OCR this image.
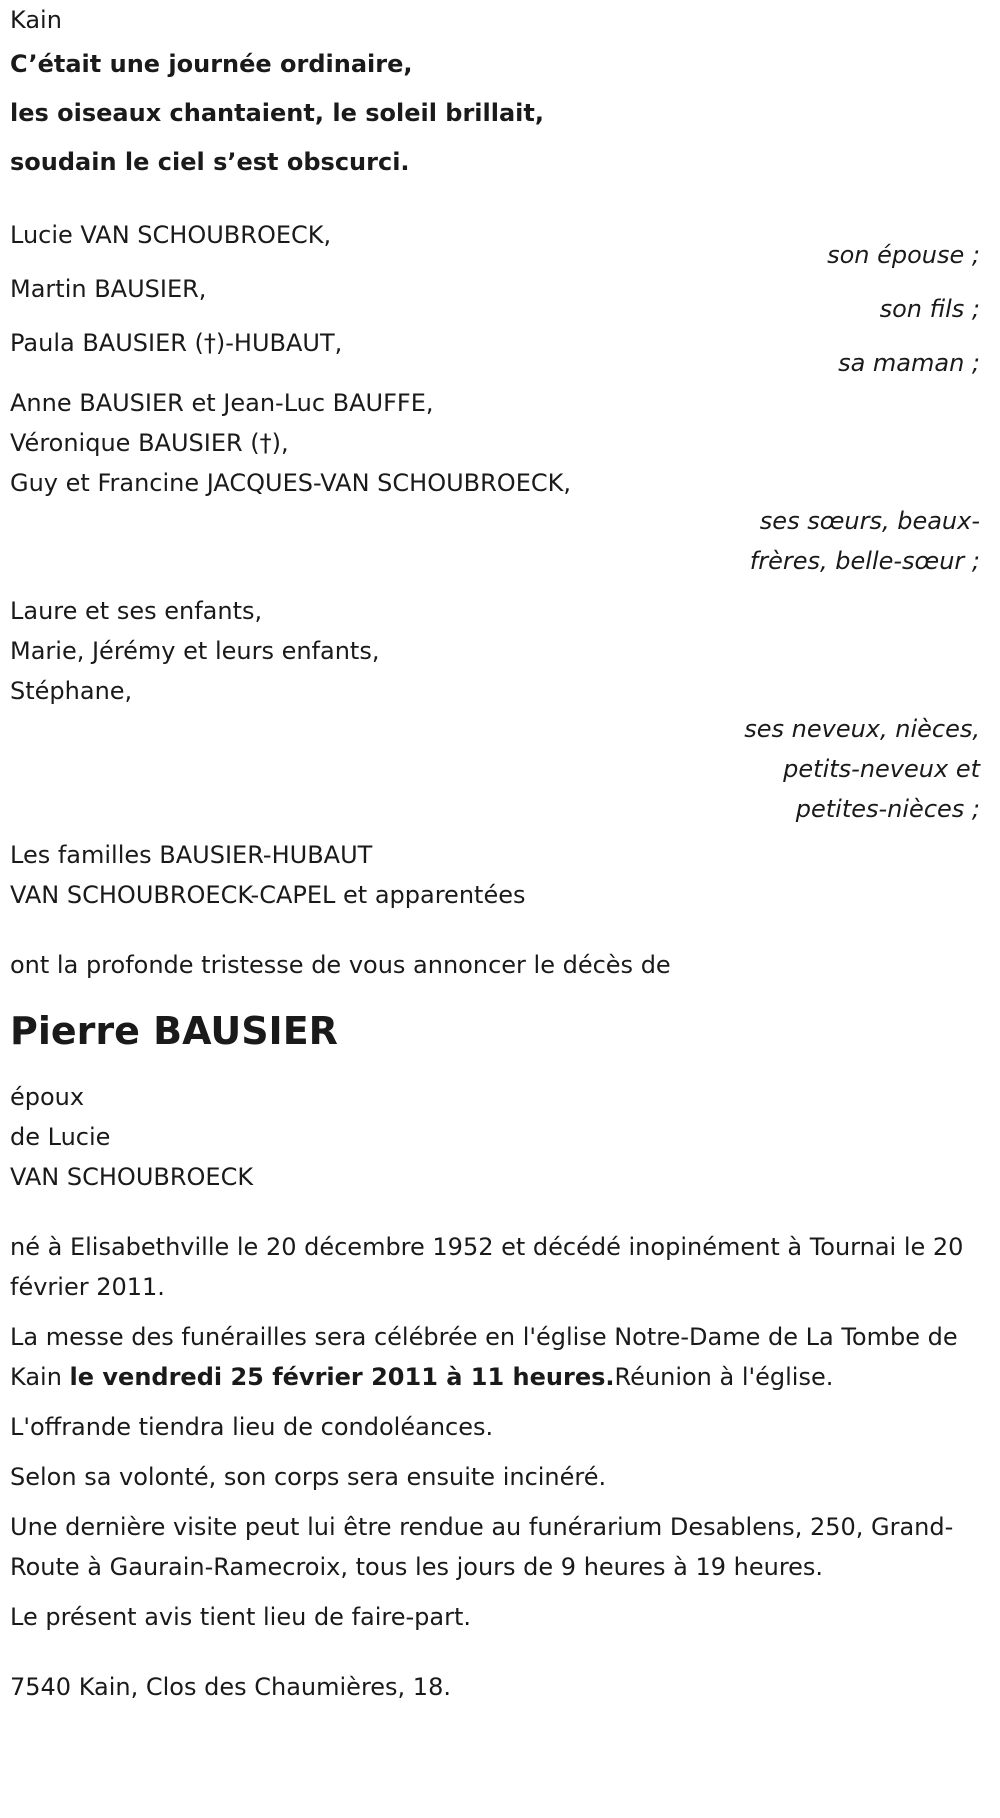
Kain
C’était une journée ordinaire,
les oiseaux chantaient, le soleil brillait,
soudain le ciel s’est obscurci.
Lucie VAN SCHOUBROECK,
son épouse ;
Martin BAUSIER,
son fils ;
Paula BAUSIER (†)-HUBAUT,
sa maman ;
Anne BAUSIER et Jean-Luc BAUFFE,
Véronique BAUSIER (†),
Guy et Francine JACQUES-VAN SCHOUBROECK,
ses sœurs, beaux-
frères, belle-sœur ;
Laure et ses enfants,
Marie, Jérémy et leurs enfants,
Stéphane,
ses neveux, nièces,
petits-neveux et
petites-nièces ;
Les familles BAUSIER-HUBAUT
VAN SCHOUBROECK-CAPEL et apparentées
ont la profonde tristesse de vous annoncer le décès de
Pierre BAUSIER
époux
de Lucie
VAN SCHOUBROECK

né à Elisabethville le 20 décembre 1952 et décédé inopinément à Tournai le 20 février 2011.

La messe des funérailles sera célébrée en l'église Notre-Dame de La Tombe de Kain le vendredi 25 février 2011 à 11 heures.Réunion à l'église.

L'offrande tiendra lieu de condoléances.

Selon sa volonté, son corps sera ensuite incinéré.

Une dernière visite peut lui être rendue au funérarium Desablens, 250, Grand-Route à Gaurain-Ramecroix, tous les jours de 9 heures à 19 heures.

Le présent avis tient lieu de faire-part.

7540 Kain, Clos des Chaumières, 18.
